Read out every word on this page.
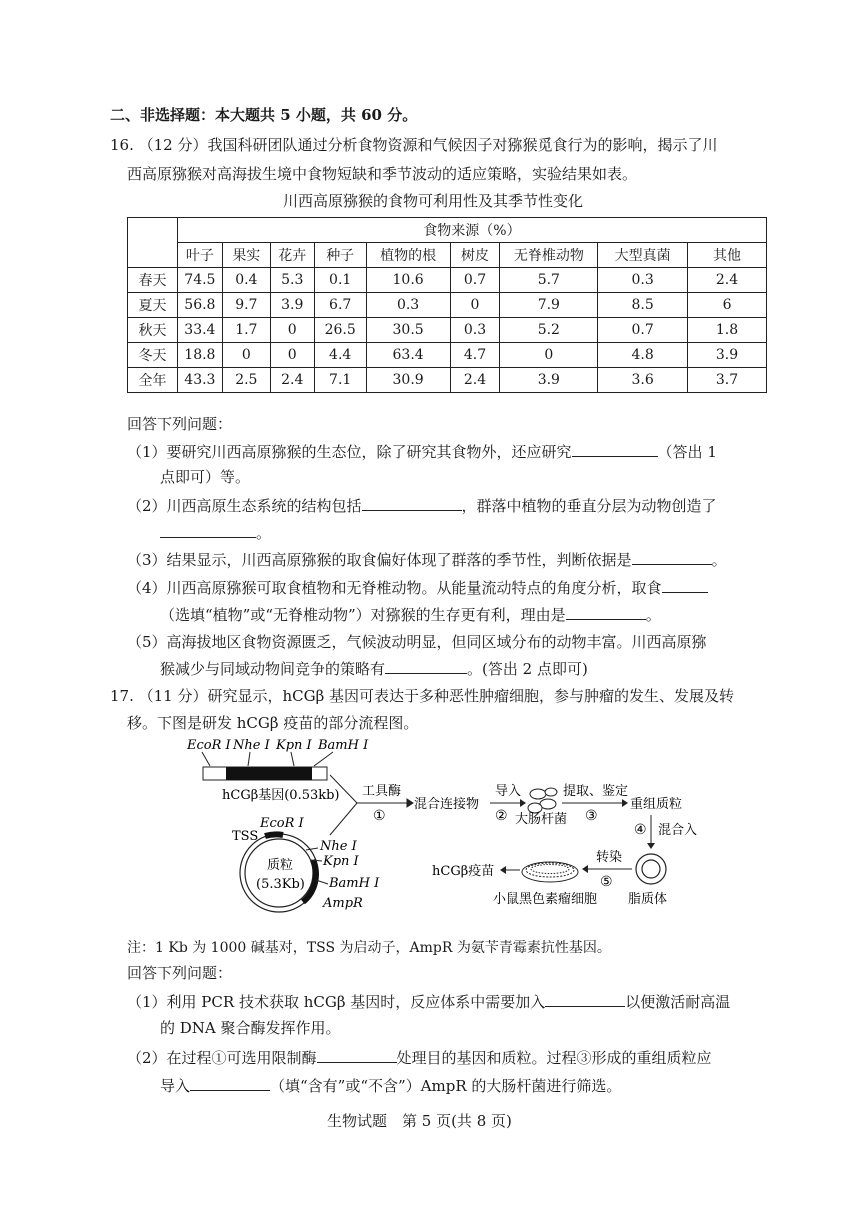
二、非选择题：本大题共 5 小题，共 60 分。
16. （12 分）我国科研团队通过分析食物资源和气候因子对猕猴觅食行为的影响，揭示了川
西高原猕猴对高海拔生境中食物短缺和季节波动的适应策略，实验结果如表。
川西高原猕猴的食物可利用性及其季节性变化
	食物来源（%）								
	叶子	果实	花卉	种子	植物的根	树皮	无脊椎动物	大型真菌	其他
春天	74.5	0.4	5.3	0.1	10.6	0.7	5.7	0.3	2.4
夏天	56.8	9.7	3.9	6.7	0.3	0	7.9	8.5	6
秋天	33.4	1.7	0	26.5	30.5	0.3	5.2	0.7	1.8
冬天	18.8	0	0	4.4	63.4	4.7	0	4.8	3.9
全年	43.3	2.5	2.4	7.1	30.9	2.4	3.9	3.6	3.7
回答下列问题：
（1）要研究川西高原猕猴的生态位，除了研究其食物外，还应研究	（答出 1
点即可）等。
（2）川西高原生态系统的结构包括	，群落中植物的垂直分层为动物创造了
。
（3）结果显示，川西高原猕猴的取食偏好体现了群落的季节性，判断依据是	。
（4）川西高原猕猴可取食植物和无脊椎动物。从能量流动特点的角度分析，取食
（选填“植物”或“无脊椎动物”）对猕猴的生存更有利，理由是	。
（5）高海拔地区食物资源匮乏，气候波动明显，但同区域分布的动物丰富。川西高原猕
猴减少与同域动物间竞争的策略有	。(答出 2 点即可)
17. （11 分）研究显示，hCGβ 基因可表达于多种恶性肿瘤细胞，参与肿瘤的发生、发展及转
移。下图是研发 hCGβ 疫苗的部分流程图。
EcoR Ⅰ Nhe Ⅰ Kpn Ⅰ BamH Ⅰ
hCGβ基因(0.53kb) 工具酶
①
混合连接物
导入
② 大肠杆菌
提取、鉴定
③
重组质粒
④ 混合入
脂质体
转染
⑤
小鼠黑色素瘤细胞
hCGβ疫苗
EcoR Ⅰ
TSS
Nhe Ⅰ
Kpn Ⅰ
BamH Ⅰ
AmpR
质粒
(5.3Kb)
注：1 Kb 为 1000 碱基对，TSS 为启动子，AmpR 为氨苄青霉素抗性基因。
回答下列问题：
（1）利用 PCR 技术获取 hCGβ 基因时，反应体系中需要加入	以便激活耐高温
的 DNA 聚合酶发挥作用。
（2）在过程①可选用限制酶	处理目的基因和质粒。过程③形成的重组质粒应
导入	（填“含有”或“不含”）AmpR 的大肠杆菌进行筛选。
生物试题　第 5 页(共 8 页)
